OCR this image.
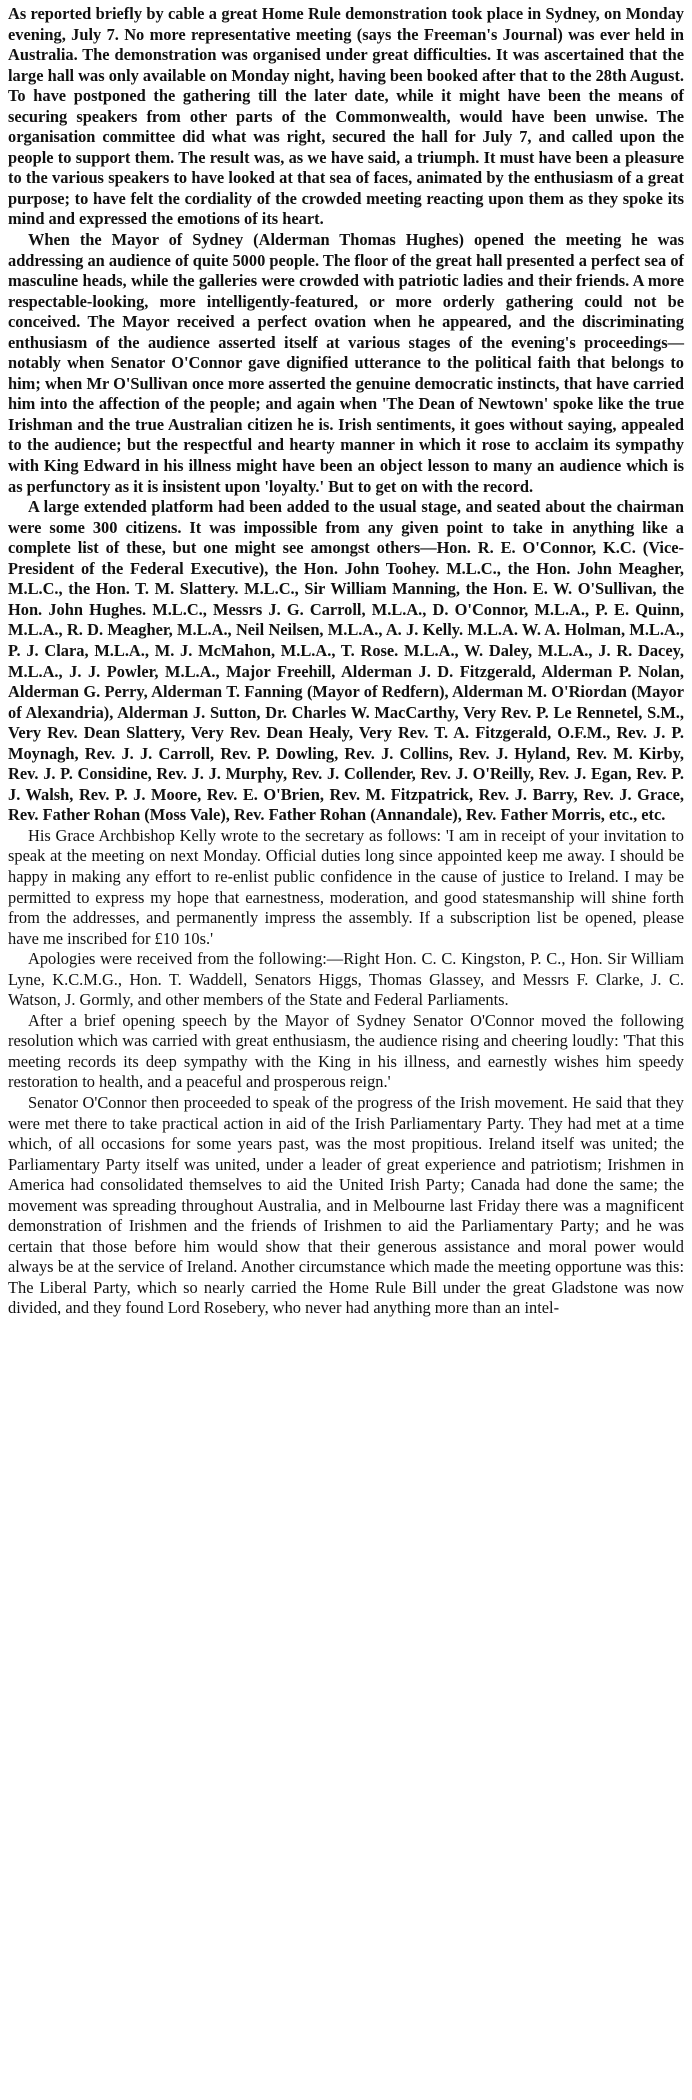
As reported briefly by cable a great Home Rule demonstration took place in Sydney, on Monday evening, July 7. No more representative meeting (says the Freeman's Journal) was ever held in Australia. The demonstration was organised under great difficulties. It was ascertained that the large hall was only available on Monday night, having been booked after that to the 28th August. To have postponed the gathering till the later date, while it might have been the means of securing speakers from other parts of the Commonwealth, would have been unwise. The organisation committee did what was right, secured the hall for July 7, and called upon the people to support them. The result was, as we have said, a triumph. It must have been a pleasure to the various speakers to have looked at that sea of faces, animated by the enthusiasm of a great purpose; to have felt the cordiality of the crowded meeting reacting upon them as they spoke its mind and expressed the emotions of its heart.

When the Mayor of Sydney (Alderman Thomas Hughes) opened the meeting he was addressing an audience of quite 5000 people. The floor of the great hall presented a perfect sea of masculine heads, while the galleries were crowded with patriotic ladies and their friends. A more respectable-looking, more intelligently-featured, or more orderly gathering could not be conceived. The Mayor received a perfect ovation when he appeared, and the discriminating enthusiasm of the audience asserted itself at various stages of the evening's proceedings—notably when Senator O'Connor gave dignified utterance to the political faith that belongs to him; when Mr O'Sullivan once more asserted the genuine democratic instincts, that have carried him into the affection of the people; and again when 'The Dean of Newtown' spoke like the true Irishman and the true Australian citizen he is. Irish sentiments, it goes without saying, appealed to the audience; but the respectful and hearty manner in which it rose to acclaim its sympathy with King Edward in his illness might have been an object lesson to many an audience which is as perfunctory as it is insistent upon 'loyalty.' But to get on with the record.

A large extended platform had been added to the usual stage, and seated about the chairman were some 300 citizens. It was impossible from any given point to take in anything like a complete list of these, but one might see amongst others—Hon. R. E. O'Connor, K.C. (Vice-President of the Federal Executive), the Hon. John Toohey. M.L.C., the Hon. John Meagher, M.L.C., the Hon. T. M. Slattery. M.L.C., Sir William Manning, the Hon. E. W. O'Sullivan, the Hon. John Hughes. M.L.C., Messrs J. G. Carroll, M.L.A., D. O'Connor, M.L.A., P. E. Quinn, M.L.A., R. D. Meagher, M.L.A., Neil Neilsen, M.L.A., A. J. Kelly. M.L.A. W. A. Holman, M.L.A., P. J. Clara, M.L.A., M. J. McMahon, M.L.A., T. Rose. M.L.A., W. Daley, M.L.A., J. R. Dacey, M.L.A., J. J. Powler, M.L.A., Major Freehill, Alderman J. D. Fitzgerald, Alderman P. Nolan, Alderman G. Perry, Alderman T. Fanning (Mayor of Redfern), Alderman M. O'Riordan (Mayor of Alexandria), Alderman J. Sutton, Dr. Charles W. MacCarthy, Very Rev. P. Le Rennetel, S.M., Very Rev. Dean Slattery, Very Rev. Dean Healy, Very Rev. T. A. Fitzgerald, O.F.M., Rev. J. P. Moynagh, Rev. J. J. Carroll, Rev. P. Dowling, Rev. J. Collins, Rev. J. Hyland, Rev. M. Kirby, Rev. J. P. Considine, Rev. J. J. Murphy, Rev. J. Collender, Rev. J. O'Reilly, Rev. J. Egan, Rev. P. J. Walsh, Rev. P. J. Moore, Rev. E. O'Brien, Rev. M. Fitzpatrick, Rev. J. Barry, Rev. J. Grace, Rev. Father Rohan (Moss Vale), Rev. Father Rohan (Annandale), Rev. Father Morris, etc., etc.

His Grace Archbishop Kelly wrote to the secretary as follows: 'I am in receipt of your invitation to speak at the meeting on next Monday. Official duties long since appointed keep me away. I should be happy in making any effort to re-enlist public confidence in the cause of justice to Ireland. I may be permitted to express my hope that earnestness, moderation, and good statesmanship will shine forth from the addresses, and permanently impress the assembly. If a subscription list be opened, please have me inscribed for £10 10s.'

Apologies were received from the following:—Right Hon. C. C. Kingston, P. C., Hon. Sir William Lyne, K.C.M.G., Hon. T. Waddell, Senators Higgs, Thomas Glassey, and Messrs F. Clarke, J. C. Watson, J. Gormly, and other members of the State and Federal Parliaments.

After a brief opening speech by the Mayor of Sydney Senator O'Connor moved the following resolution which was carried with great enthusiasm, the audience rising and cheering loudly: 'That this meeting records its deep sympathy with the King in his illness, and earnestly wishes him speedy restoration to health, and a peaceful and prosperous reign.'

Senator O'Connor then proceeded to speak of the progress of the Irish movement. He said that they were met there to take practical action in aid of the Irish Parliamentary Party. They had met at a time which, of all occasions for some years past, was the most propitious. Ireland itself was united; the Parliamentary Party itself was united, under a leader of great experience and patriotism; Irishmen in America had consolidated themselves to aid the United Irish Party; Canada had done the same; the movement was spreading throughout Australia, and in Melbourne last Friday there was a magnificent demonstration of Irishmen and the friends of Irishmen to aid the Parliamentary Party; and he was certain that those before him would show that their generous assistance and moral power would always be at the service of Ireland. Another circumstance which made the meeting opportune was this: The Liberal Party, which so nearly carried the Home Rule Bill under the great Gladstone was now divided, and they found Lord Rosebery, who never had anything more than an intel-
